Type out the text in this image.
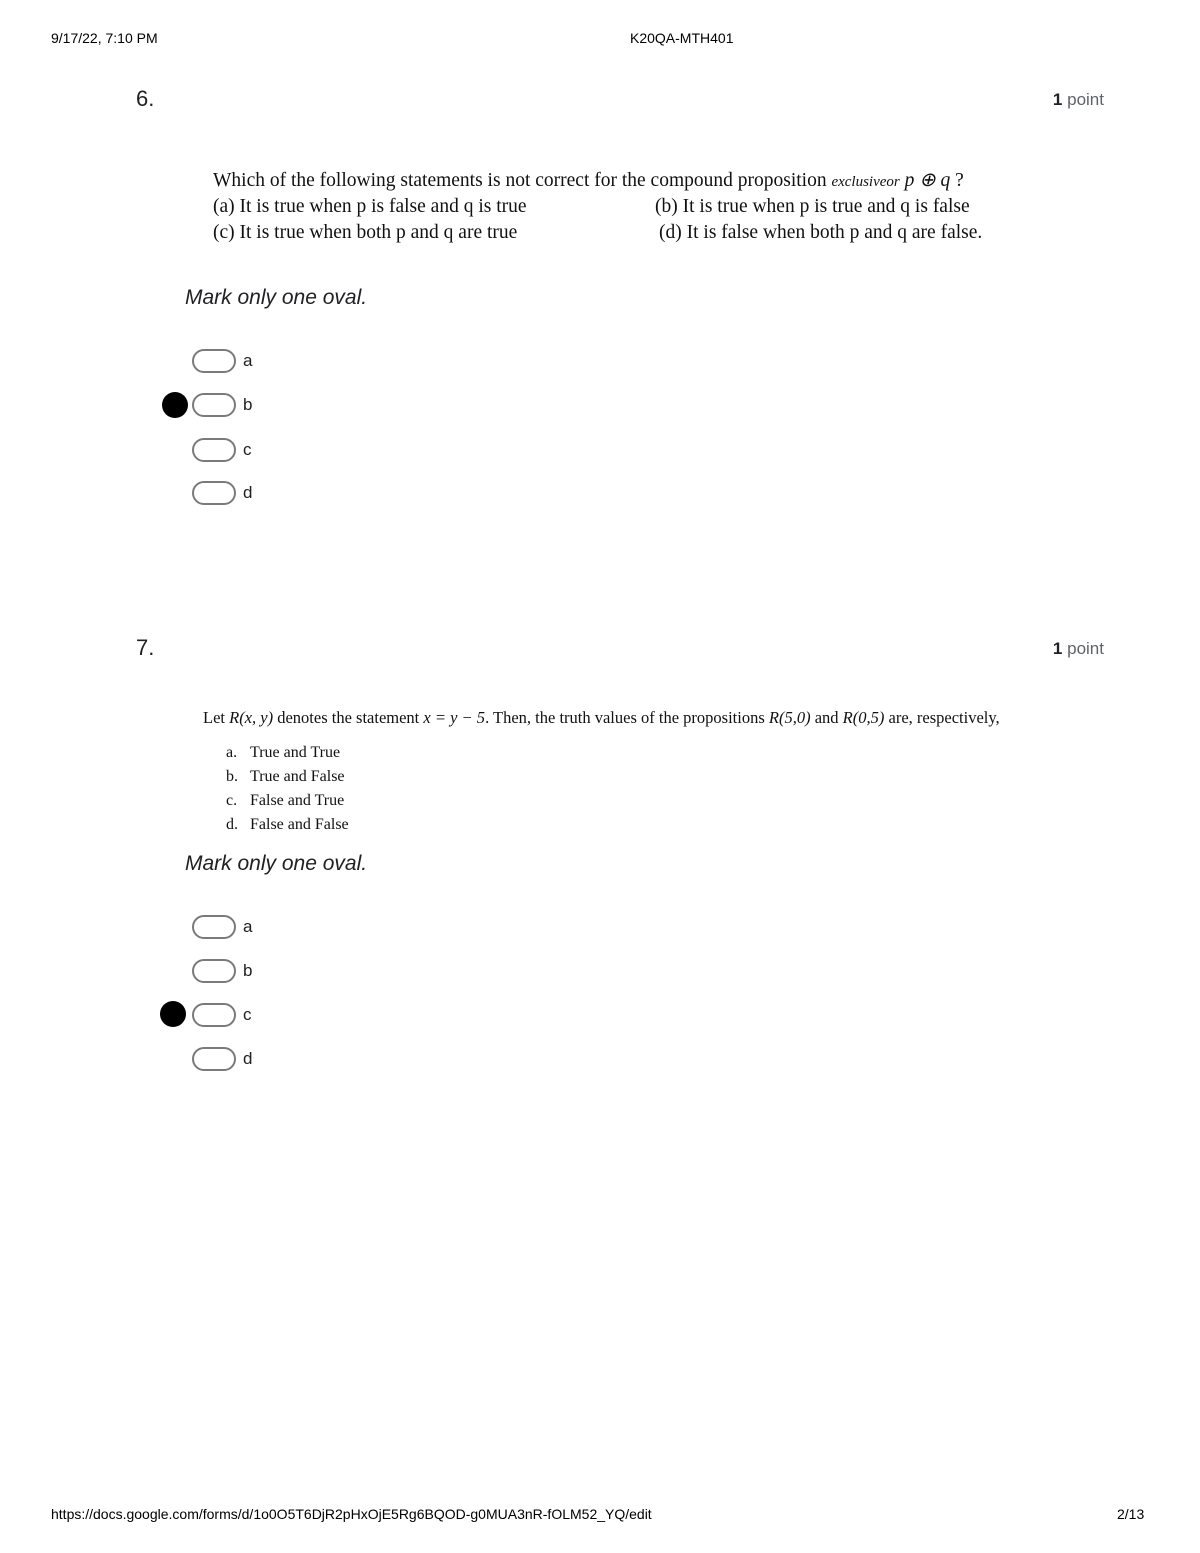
9/17/22, 7:10 PM	K20QA-MTH401
6.	1 point
Which of the following statements is not correct for the compound proposition exclusiveor p ⊕ q ?
(a) It is true when p is false and q is true	(b) It is true when p is true and q is false
(c) It is true when both p and q are true	(d) It is false when both p and q are false.
Mark only one oval.
a
b
c
d
7.	1 point
Let R(x, y) denotes the statement x = y − 5. Then, the truth values of the propositions R(5,0) and R(0,5) are, respectively,
a. True and True
b. True and False
c. False and True
d. False and False
Mark only one oval.
a
b
c
d
https://docs.google.com/forms/d/1o0O5T6DjR2pHxOjE5Rg6BQOD-g0MUA3nR-fOLM52_YQ/edit	2/13
